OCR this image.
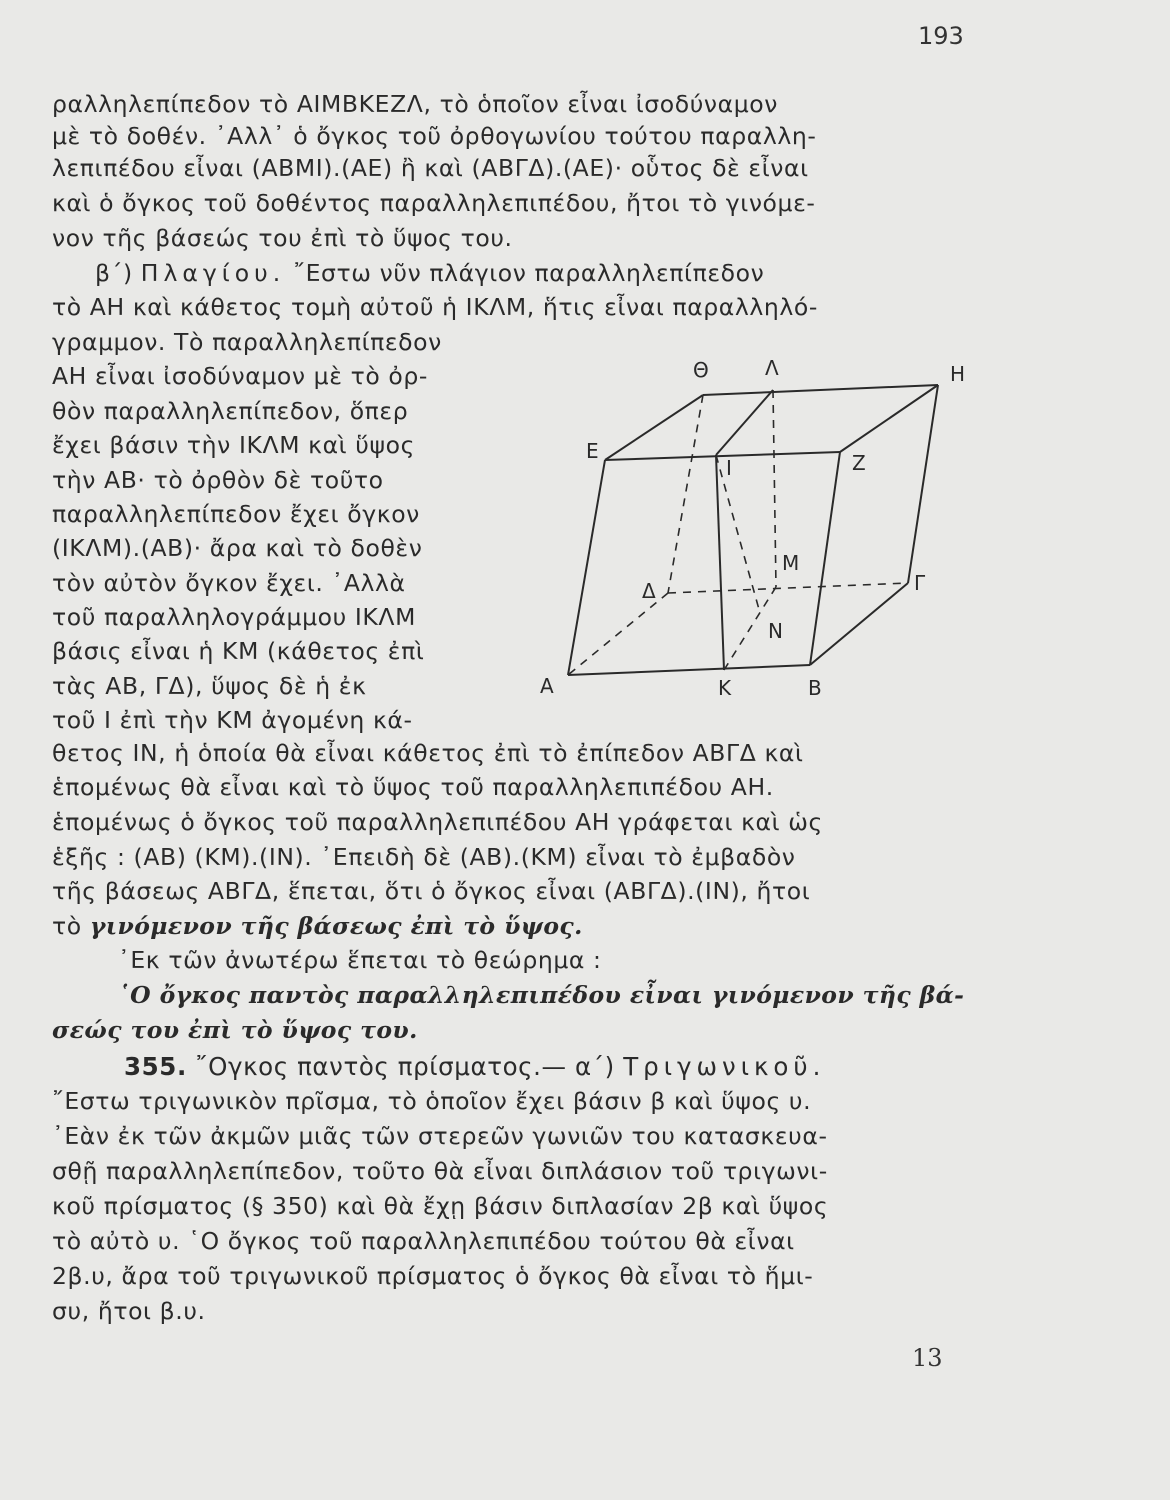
193
ραλληλεπίπεδον τὸ ΑΙΜΒΚΕΖΛ, τὸ ὁποῖον εἶναι ἰσοδύναμον
μὲ τὸ δοθέν. ᾿Αλλ᾿ ὁ ὄγκος τοῦ ὀρθογωνίου τούτου παραλλη-
λεπιπέδου εἶναι (ΑΒΜΙ).(ΑΕ) ἢ καὶ (ΑΒΓΔ).(ΑΕ)· οὗτος δὲ εἶναι
καὶ ὁ ὄγκος τοῦ δοθέντος παραλληλεπιπέδου, ἤτοι τὸ γινόμε-
νον τῆς βάσεώς του ἐπὶ τὸ ὕψος του.
β΄) Πλαγίου. ῎Εστω νῦν πλάγιον παραλληλεπίπεδον
τὸ ΑΗ καὶ κάθετος τομὴ αὐτοῦ ἡ ΙΚΛΜ, ἥτις εἶναι παραλληλό-
γραμμον. Τὸ παραλληλεπίπεδον
ΑΗ εἶναι ἰσοδύναμον μὲ τὸ ὀρ-
θὸν παραλληλεπίπεδον, ὅπερ
ἔχει βάσιν τὴν ΙΚΛΜ καὶ ὕψος
τὴν ΑΒ· τὸ ὀρθὸν δὲ τοῦτο
παραλληλεπίπεδον ἔχει ὄγκον
(ΙΚΛΜ).(ΑΒ)· ἄρα καὶ τὸ δοθὲν
τὸν αὐτὸν ὄγκον ἔχει. ᾿Αλλὰ
τοῦ παραλληλογράμμου ΙΚΛΜ
βάσις εἶναι ἡ ΚΜ (κάθετος ἐπὶ
τὰς ΑΒ, ΓΔ), ὕψος δὲ ἡ ἐκ
τοῦ Ι ἐπὶ τὴν ΚΜ ἀγομένη κά-
Θ	Λ	Η
Ε	Ζ
Ι
Μ
Δ	Γ
Ν
Α	Κ	Β
θετος ΙΝ, ἡ ὁποία θὰ εἶναι κάθετος ἐπὶ τὸ ἐπίπεδον ΑΒΓΔ καὶ
ἑπομένως θὰ εἶναι καὶ τὸ ὕψος τοῦ παραλληλεπιπέδου ΑΗ.
ἑπομένως ὁ ὄγκος τοῦ παραλληλεπιπέδου ΑΗ γράφεται καὶ ὡς
ἑξῆς : (ΑΒ) (ΚΜ).(ΙΝ). ᾿Επειδὴ δὲ (ΑΒ).(ΚΜ) εἶναι τὸ ἐμβαδὸν
τῆς βάσεως ΑΒΓΔ, ἕπεται, ὅτι ὁ ὄγκος εἶναι (ΑΒΓΔ).(ΙΝ), ἤτοι
τὸ γινόμενον τῆς βάσεως ἐπὶ τὸ ὕψος.
᾿Εκ τῶν ἀνωτέρω ἕπεται τὸ θεώρημα :
῾Ο ὄγκος παντὸς παραλληλεπιπέδου εἶναι γινόμενον τῆς βά-
σεώς του ἐπὶ τὸ ὕψος του.
355. ῎Ογκος παντὸς πρίσματος.— α΄) Τριγωνικοῦ.
῎Εστω τριγωνικὸν πρῖσμα, τὸ ὁποῖον ἔχει βάσιν β καὶ ὕψος υ.
᾿Εὰν ἐκ τῶν ἀκμῶν μιᾶς τῶν στερεῶν γωνιῶν του κατασκευα-
σθῇ παραλληλεπίπεδον, τοῦτο θὰ εἶναι διπλάσιον τοῦ τριγωνι-
κοῦ πρίσματος (§ 350) καὶ θὰ ἔχῃ βάσιν διπλασίαν 2β καὶ ὕψος
τὸ αὐτὸ υ. ῾Ο ὄγκος τοῦ παραλληλεπιπέδου τούτου θὰ εἶναι
2β.υ, ἄρα τοῦ τριγωνικοῦ πρίσματος ὁ ὄγκος θὰ εἶναι τὸ ἥμι-
συ, ἤτοι β.υ.
13
